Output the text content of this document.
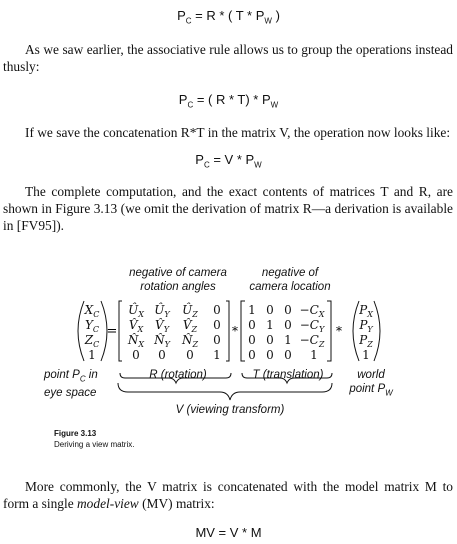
$P_C = R$ * ( T * $P_W$ )
As we saw earlier, the associative rule allows us to group the operations instead thusly:
$P_C$ = ( R * $T) * P_W$
If we save the concatenation R*T in the matrix V, the operation now looks like:
$P_C = V * P_W$
The complete computation, and the exact contents of matrices T and R, are shown in Figure 3.13 (we omit the derivation of matrix R—a derivation is available in [FV95]).
negative of camera
rotation angles
negative of
camera location
$X_C$
$Y_C$
$Z_C$
1
=
$Û_X$ $Û_Y$ $Û_Z$ 0
$V̂_X$ $V̂_Y$ $V̂_Z$ 0
$N̂_X$ $N̂_Y$ $N̂_Z$ 0
0 0 0 1
*
1 0 $0 -C_X$
0 1 $0 -C_Y$
0 0 $1 -C_Z$
0 0 0 1
*
$P_X$
$P_Y$
$P_Z$
1
point $P_C$ in
eye space
R (rotation)	T (translation)	world
point $P_W$
V (viewing transform)
Figure 3.13
Deriving a view matrix.
More commonly, the V matrix is concatenated with the model matrix M to form a single model-view (MV) matrix:
MV = V * M
